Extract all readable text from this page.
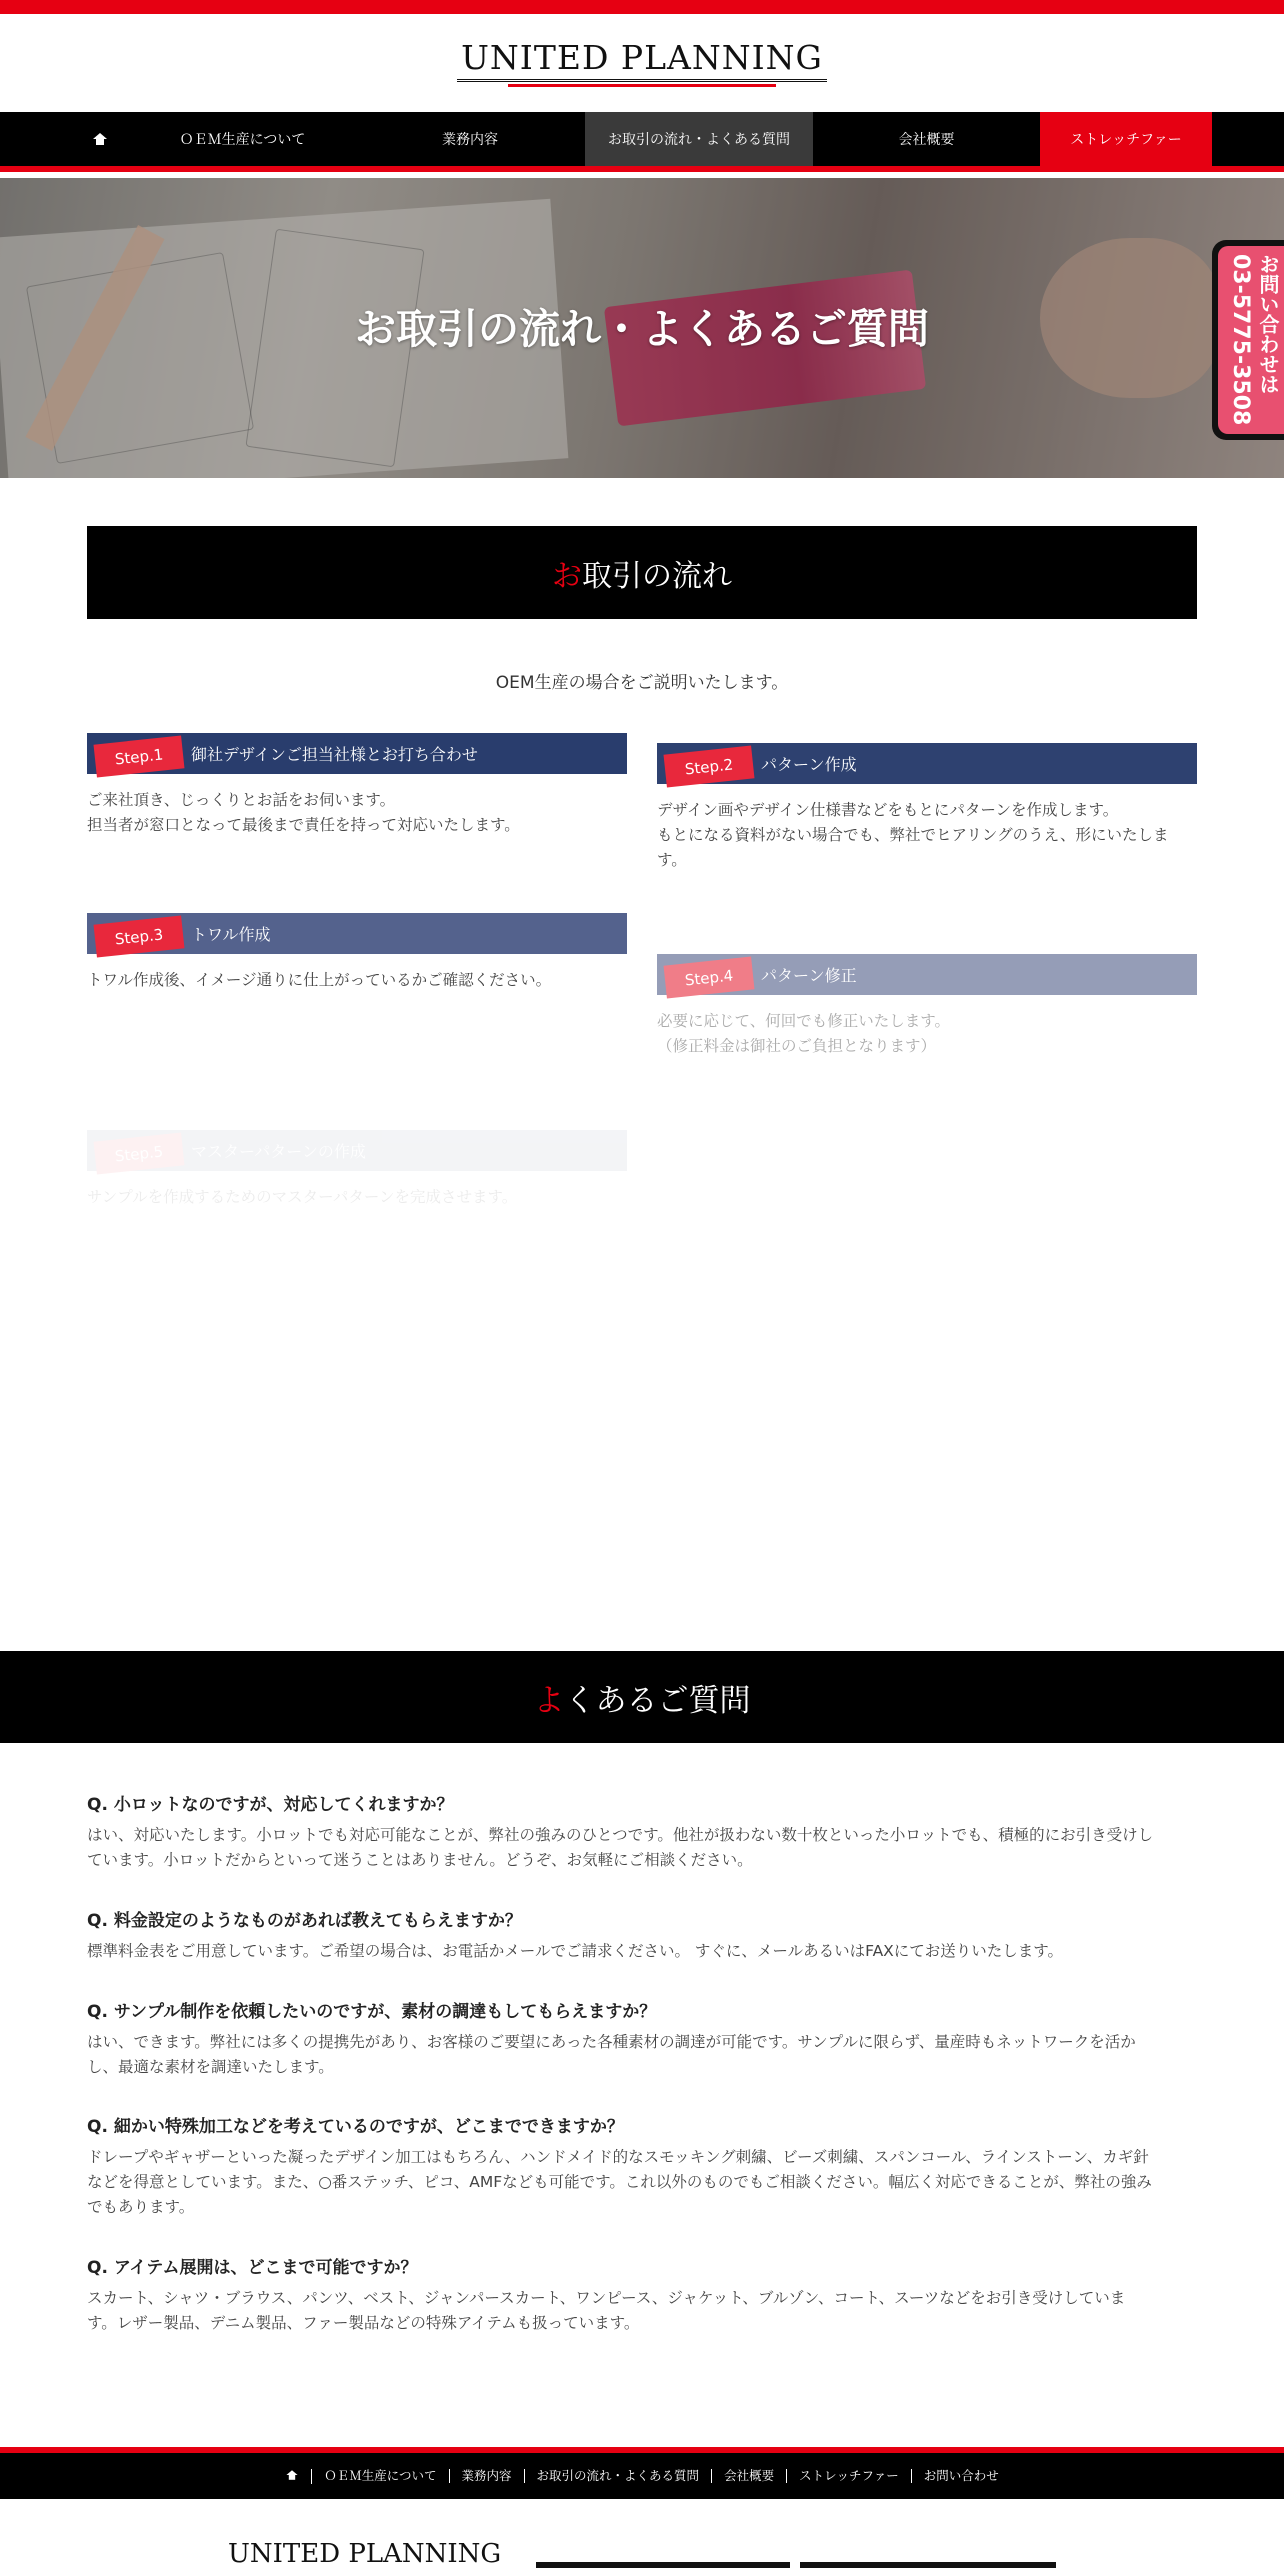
UNITED PLANNING
ＯＥＭ生産について	業務内容	お取引の流れ・よくある質問	会社概要	ストレッチファー
お取引の流れ・よくあるご質問	お問い合わせは
03-5775-3508
お 取引の流れ

OEM生産の場合をご説明いたします。

Step.1	御社デザインご担当社様とお打ち合わせ
ご来社頂き、じっくりとお話をお伺います。
担当者が窓口となって最後まで責任を持って対応いたします。
Step.2	パターン作成
デザイン画やデザイン仕様書などをもとにパターンを作成します。
もとになる資料がない場合でも、弊社でヒアリングのうえ、形にいたしま
す。
Step.3	トワル作成
トワル作成後、イメージ通りに仕上がっているかご確認ください。	Step.4	パターン修正
必要に応じて、何回でも修正いたします。
（修正料金は御社のご負担となります）
Step.5	マスターパターンの作成
サンプルを作成するためのマスターパターンを完成させます。
よ くあるご質問
Q. 小ロットなのですが、対応してくれますか？
はい、対応いたします。小ロットでも対応可能なことが、弊社の強みのひとつです。他社が扱わない数十枚といった小ロットでも、積極的にお引き受けし
ています。小ロットだからといって迷うことはありません。どうぞ、お気軽にご相談ください。
Q. 料金設定のようなものがあれば教えてもらえますか？
標準料金表をご用意しています。ご希望の場合は、お電話かメールでご請求ください。 すぐに、メールあるいはFAXにてお送りいたします。
Q. サンプル制作を依頼したいのですが、素材の調達もしてもらえますか？
はい、できます。弊社には多くの提携先があり、お客様のご要望にあった各種素材の調達が可能です。サンプルに限らず、量産時もネットワークを活か
し、最適な素材を調達いたします。
Q. 細かい特殊加工などを考えているのですが、どこまでできますか？
ドレープやギャザーといった凝ったデザイン加工はもちろん、ハンドメイド的なスモッキング刺繍、ビーズ刺繍、スパンコール、ラインストーン、カギ針
などを得意としています。また、○番ステッチ、ピコ、AMFなども可能です。これ以外のものでもご相談ください。幅広く対応できることが、弊社の強み
でもあります。
Q. アイテム展開は、どこまで可能ですか？
スカート、シャツ・ブラウス、パンツ、ベスト、ジャンパースカート、ワンピース、ジャケット、ブルゾン、コート、スーツなどをお引き受けしていま
す。レザー製品、デニム製品、ファー製品などの特殊アイテムも扱っています。
ＯＥＭ生産について	業務内容	お取引の流れ・よくある質問	会社概要	ストレッチファー	お問い合わせ
UNITED PLANNING
